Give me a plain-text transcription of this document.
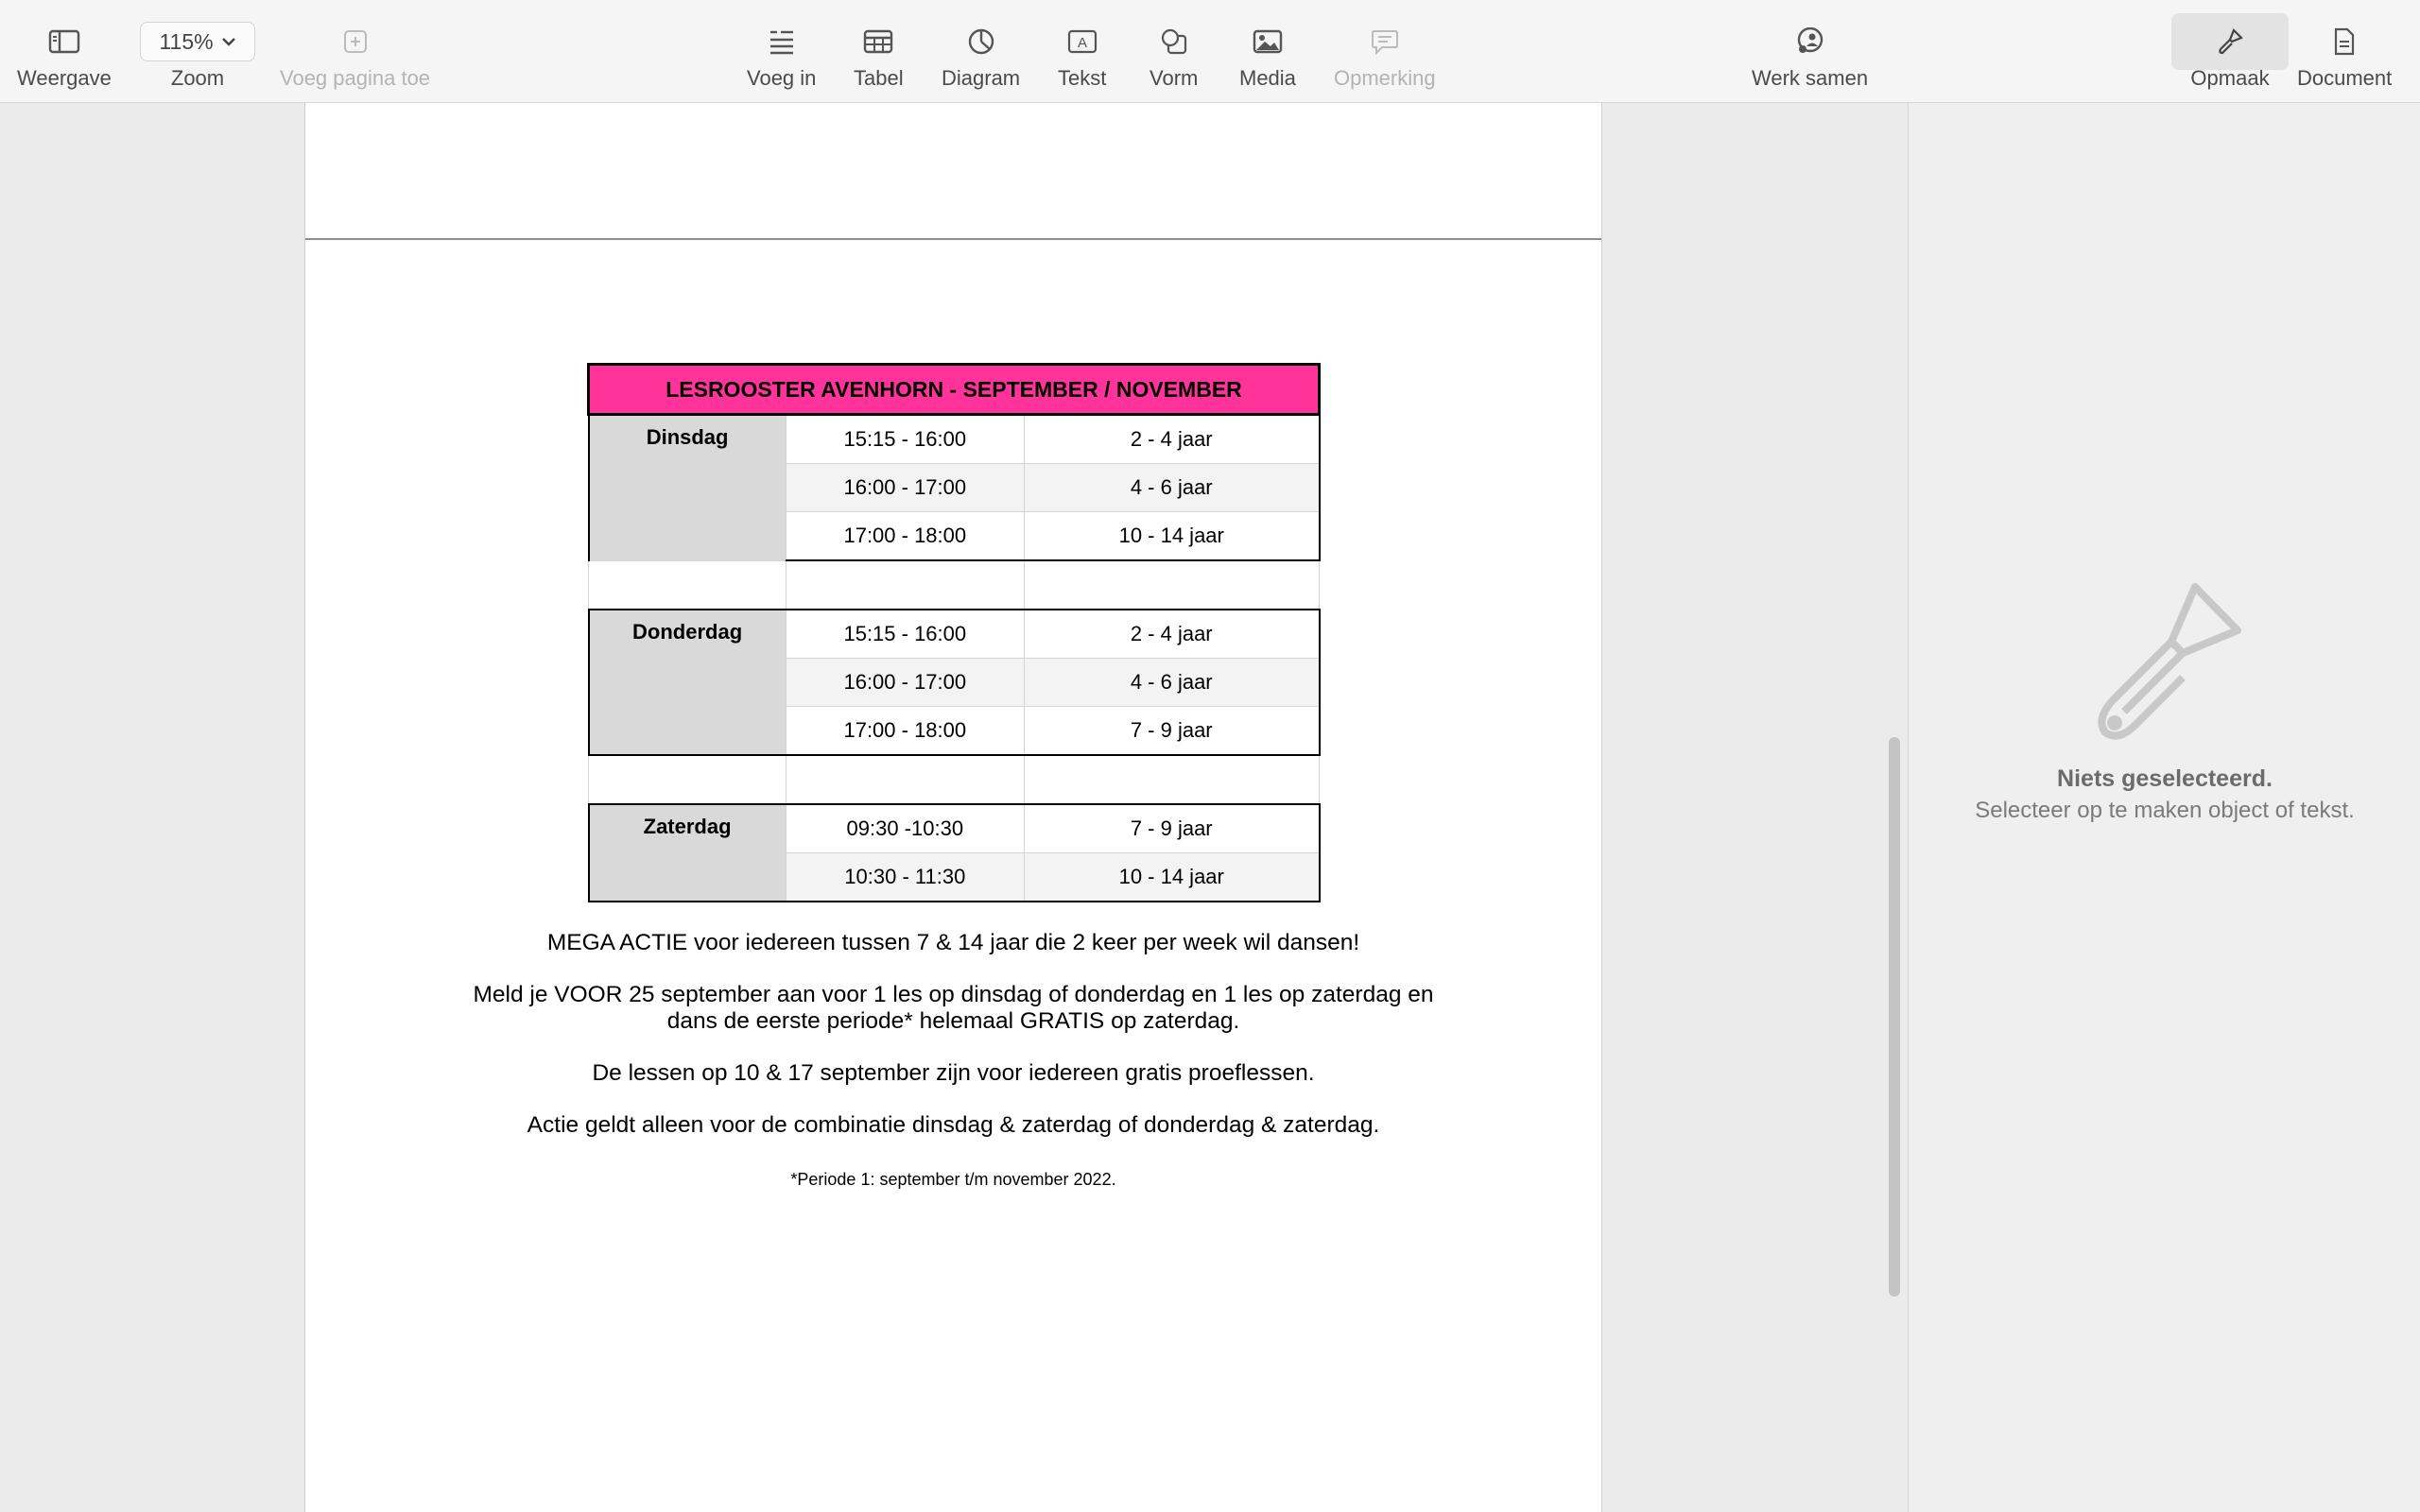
Weergave
115%
Zoom	Voeg pagina toe	Voeg in Tabel Diagram
A
Tekst Vorm Media Opmerking	Werk samen	Opmaak Document
LESROOSTER AVENHORN - SEPTEMBER / NOVEMBER		
Dinsdag	15:15 - 16:00	2 - 4 jaar
	16:00 - 17:00	4 - 6 jaar
	17:00 - 18:00	10 - 14 jaar

Donderdag	15:15 - 16:00	2 - 4 jaar
	16:00 - 17:00	4 - 6 jaar
	17:00 - 18:00	7 - 9 jaar

Zaterdag	09:30 -10:30	7 - 9 jaar
	10:30 - 11:30	10 - 14 jaar
MEGA ACTIE voor iedereen tussen 7 & 14 jaar die 2 keer per week wil dansen!
Meld je VOOR 25 september aan voor 1 les op dinsdag of donderdag en 1 les op zaterdag en
dans de eerste periode* helemaal GRATIS op zaterdag.
De lessen op 10 & 17 september zijn voor iedereen gratis proeflessen.
Actie geldt alleen voor de combinatie dinsdag & zaterdag of donderdag & zaterdag.
*Periode 1: september t/m november 2022.
Niets geselecteerd.
Selecteer op te maken object of tekst.
